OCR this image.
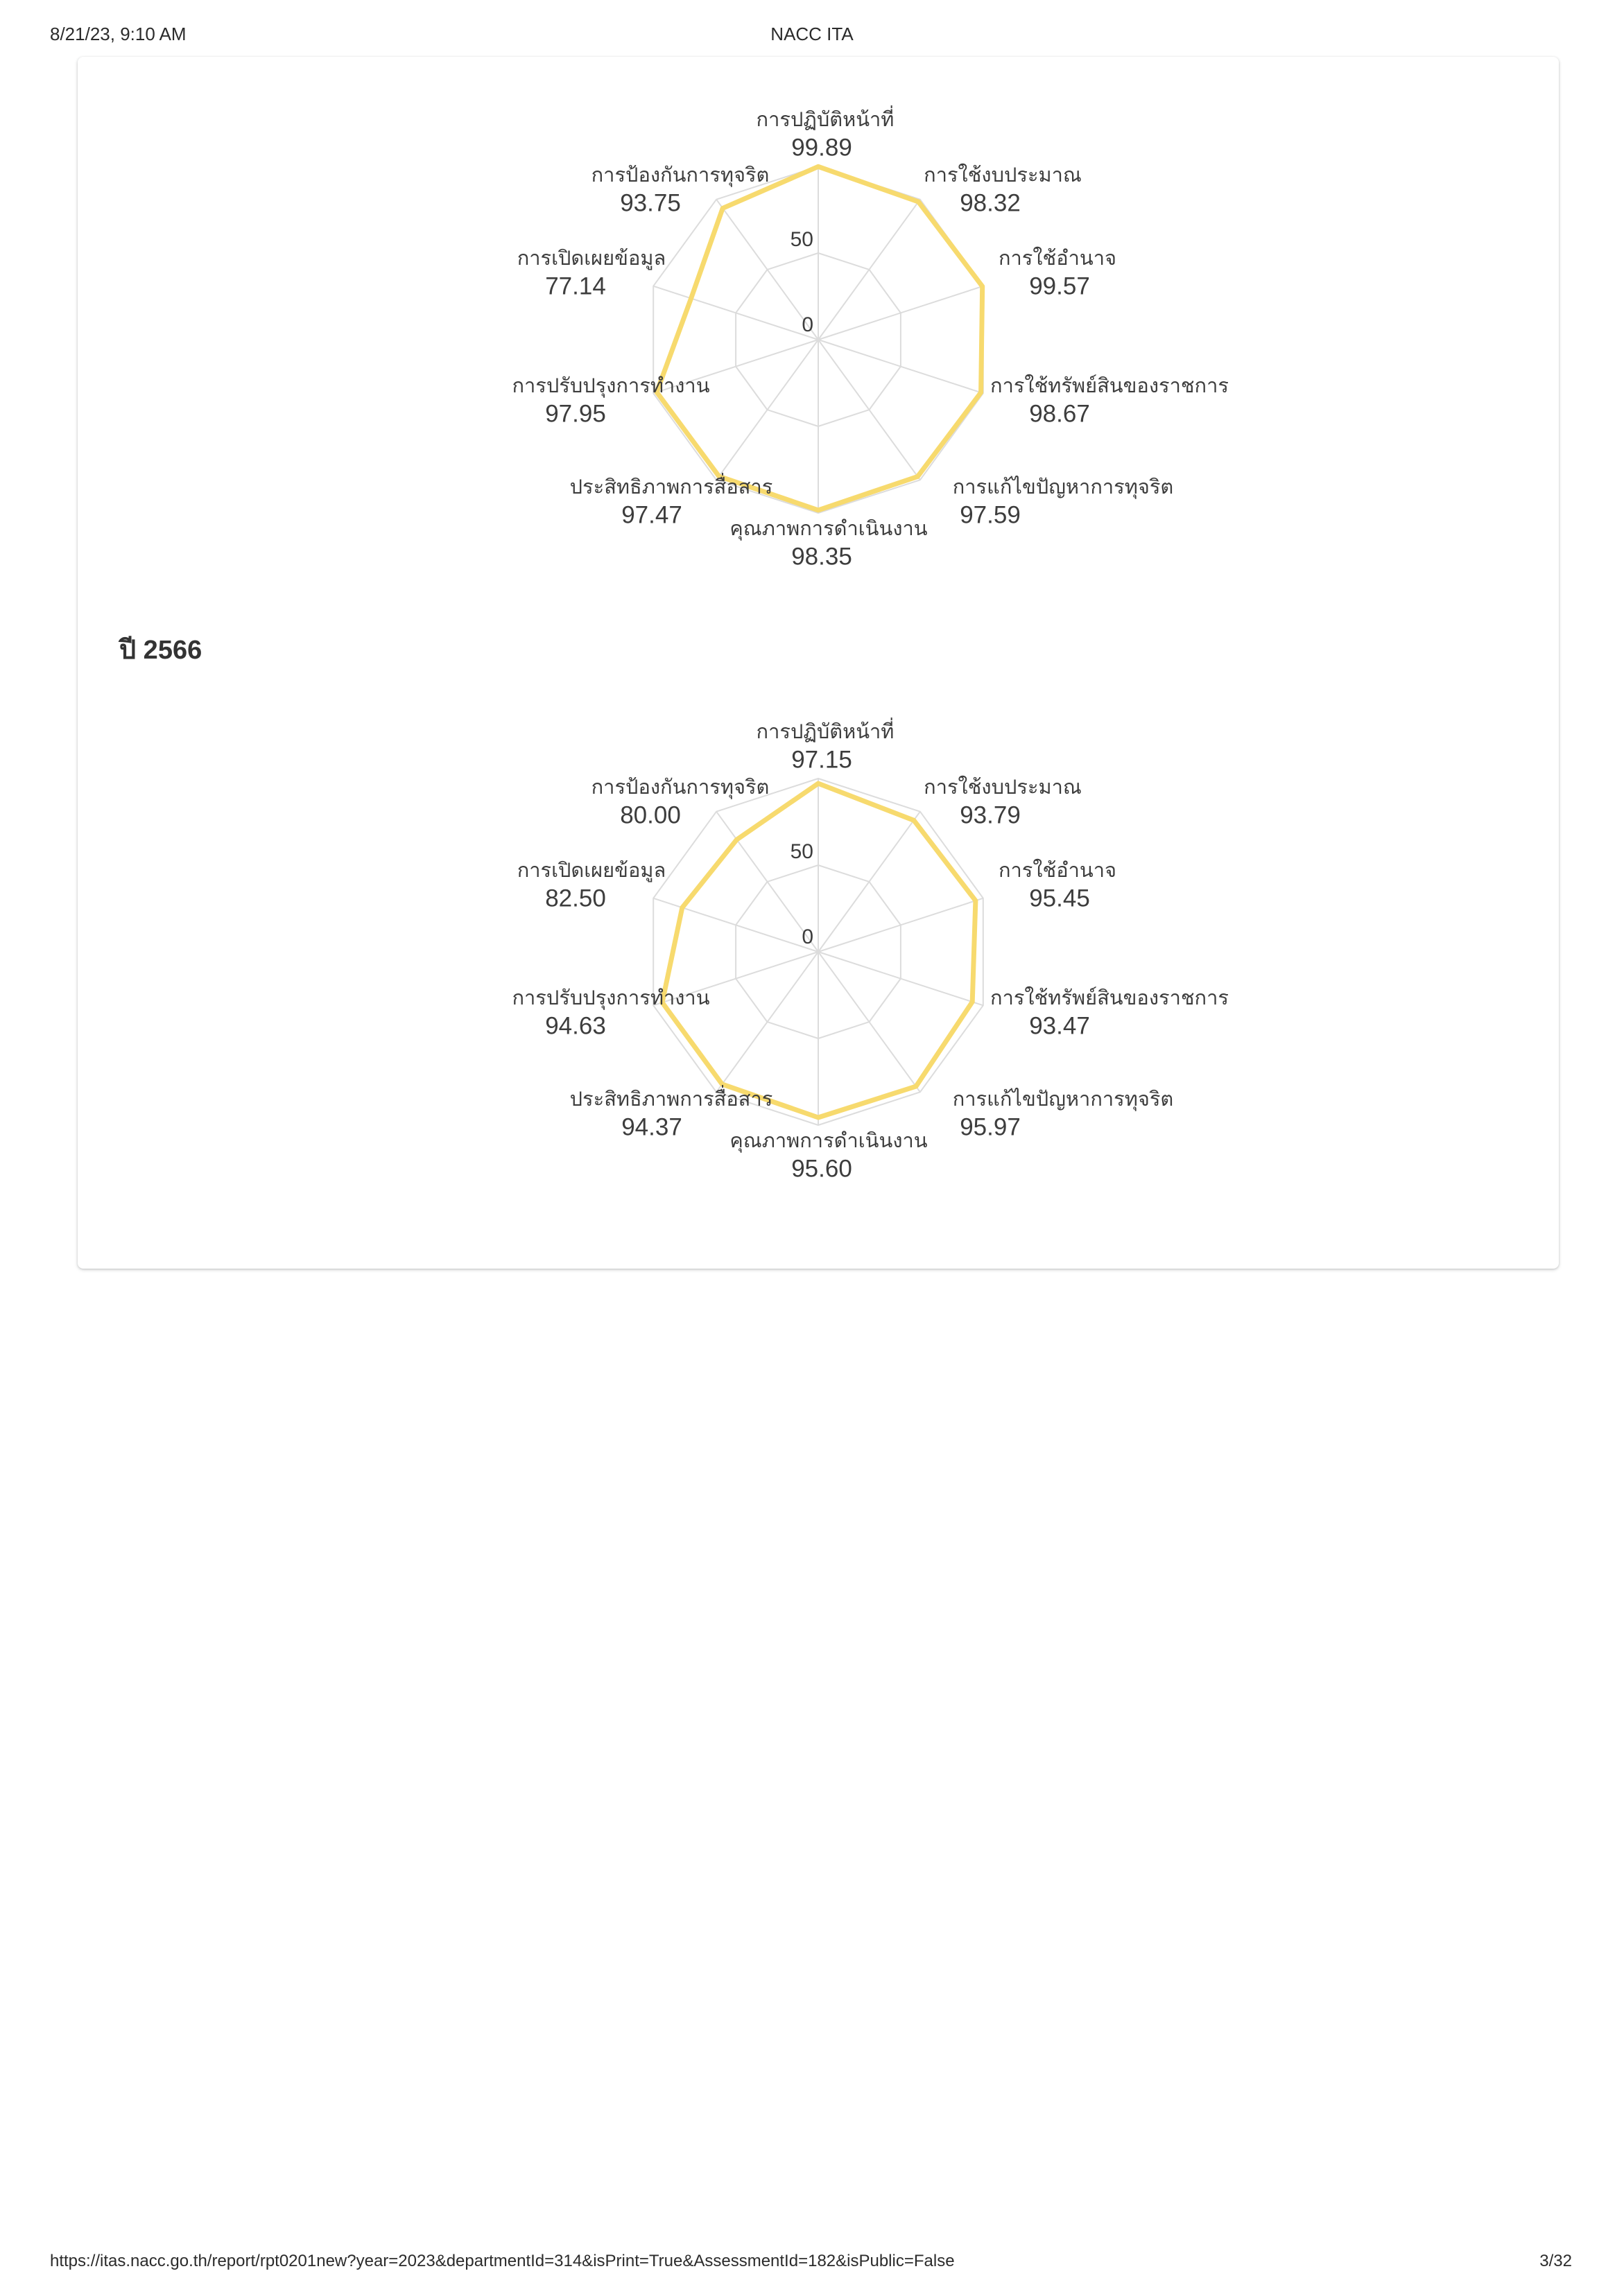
8/21/23, 9:10 AM	NACC ITA
50
0
การปฏิบัติหน้าที่
99.89
การใช้งบประมาณ
98.32
การใช้อำนาจ
99.57
การใช้ทรัพย์สินของราชการ
98.67
การแก้ไขปัญหาการทุจริต
97.59
คุณภาพการดำเนินงาน
98.35
ประสิทธิภาพการสื่อสาร
97.47
การปรับปรุงการทำงาน
97.95
การเปิดเผยข้อมูล
77.14
การป้องกันการทุจริต
93.75
ปี 2566
50
0
การปฏิบัติหน้าที่
97.15
การใช้งบประมาณ
93.79
การใช้อำนาจ
95.45
การใช้ทรัพย์สินของราชการ
93.47
การแก้ไขปัญหาการทุจริต
95.97
คุณภาพการดำเนินงาน
95.60
ประสิทธิภาพการสื่อสาร
94.37
การปรับปรุงการทำงาน
94.63
การเปิดเผยข้อมูล
82.50
การป้องกันการทุจริต
80.00
https://itas.nacc.go.th/report/rpt0201new?year=2023&departmentId=314&isPrint=True&AssessmentId=182&isPublic=False	3/32
